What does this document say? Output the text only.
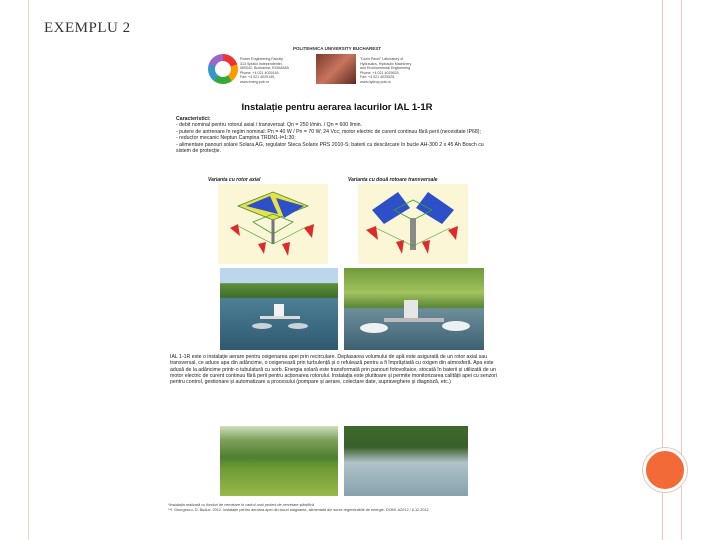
EXEMPLU 2
POLITEHNICA UNIVERSITY BUCHAREST
Power Engineering Faculty
313 Splaiul Independentei,
060042, Bucharest, ROMANIA
Phone: +4 021 4029145,
Fax: +4 021 4029145,
www.energ.pub.ro
"Dorin Pavel" Laboratory of
Hydraulics, Hydraulic Machinery
and Environmental Engineering
Phone: +4 021 4029525,
Fax: +4 021 4029525,
www.hydrop.pub.ro
Instalație pentru aerarea lacurilor IAL 1-1R
Caracteristici:
- debit nominal pentru rotorul axial / transversal: Qn = 250 l/min. / Qn = 600 l/min.
- putere de antrenare în regim nominal: Pn = 40 W / Pn = 70 W; 24 Vcc; motor electric de curent continuu fără perii (necesitate IP68);
- reductor mecanic Neptun Campina TRDN1-I=1:30;
- alimentare panouri solare Solara AG, regulator Steca Solarix PRS 2010-S; baterii cu descărcare în bucle AH-300 2 x 45 Ah Bosch cu sistem de protecție.
Varianta cu rotor axial	Varianta cu două rotoare transversale
IAL 1-1R este o instalație aerare pentru oxigenarea apei prin recirculare. Deplasarea volumului de apă este asigurată de un rotor axial sau transversal, ce aduce apa din adâncime, o oxigenează prin turbulență și o refulează pentru a fi împrăștiată cu oxigen din atmosferă. Apa este adusă de la adâncime printr-o tubulatură cu sorb. Energia solară este transformată prin panouri fotovoltaice, stocată în baterii și utilizată de un motor electric de curent continuu fără perii pentru acționarea rotorului. Instalația este plutitoare și permite monitorizarea calității apei cu senzori pentru control, gestionare și automatizare a procesului (pompare și aerare, colectare date, supraveghere și diagnoză, etc.)
*Instalația realizată cu fonduri de cercetare în cadrul unui proiect de cercetare științifică
**I. Georgescu, D. Buduc. 2012. Instalație pentru aerarea apei din lacuri stagnante, alimentată din surse regenerabile de energie. DOMI. A2012 / 6.12.2012
